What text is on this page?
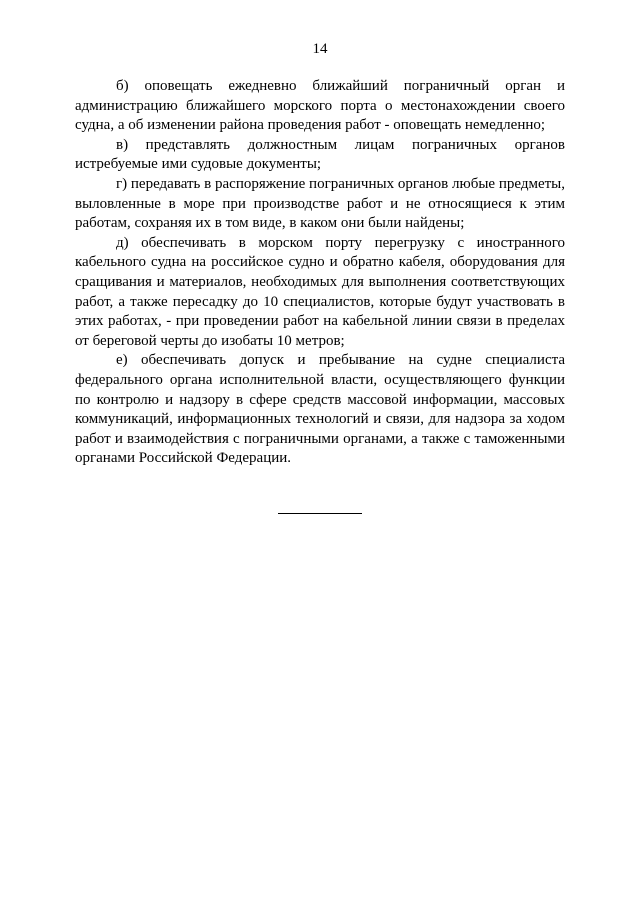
14

б) оповещать ежедневно ближайший пограничный орган и администрацию ближайшего морского порта о местонахождении своего судна, а об изменении района проведения работ - оповещать немедленно;

в) представлять должностным лицам пограничных органов истребуемые ими судовые документы;

г) передавать в распоряжение пограничных органов любые предметы, выловленные в море при производстве работ и не относящиеся к этим работам, сохраняя их в том виде, в каком они были найдены;

д) обеспечивать в морском порту перегрузку с иностранного кабельного судна на российское судно и обратно кабеля, оборудования для сращивания и материалов, необходимых для выполнения соответствующих работ, а также пересадку до 10 специалистов, которые будут участвовать в этих работах, - при проведении работ на кабельной линии связи в пределах от береговой черты до изобаты 10 метров;

е) обеспечивать допуск и пребывание на судне специалиста федерального органа исполнительной власти, осуществляющего функции по контролю и надзору в сфере средств массовой информации, массовых коммуникаций, информационных технологий и связи, для надзора за ходом работ и взаимодействия с пограничными органами, а также с таможенными органами Российской Федерации.
